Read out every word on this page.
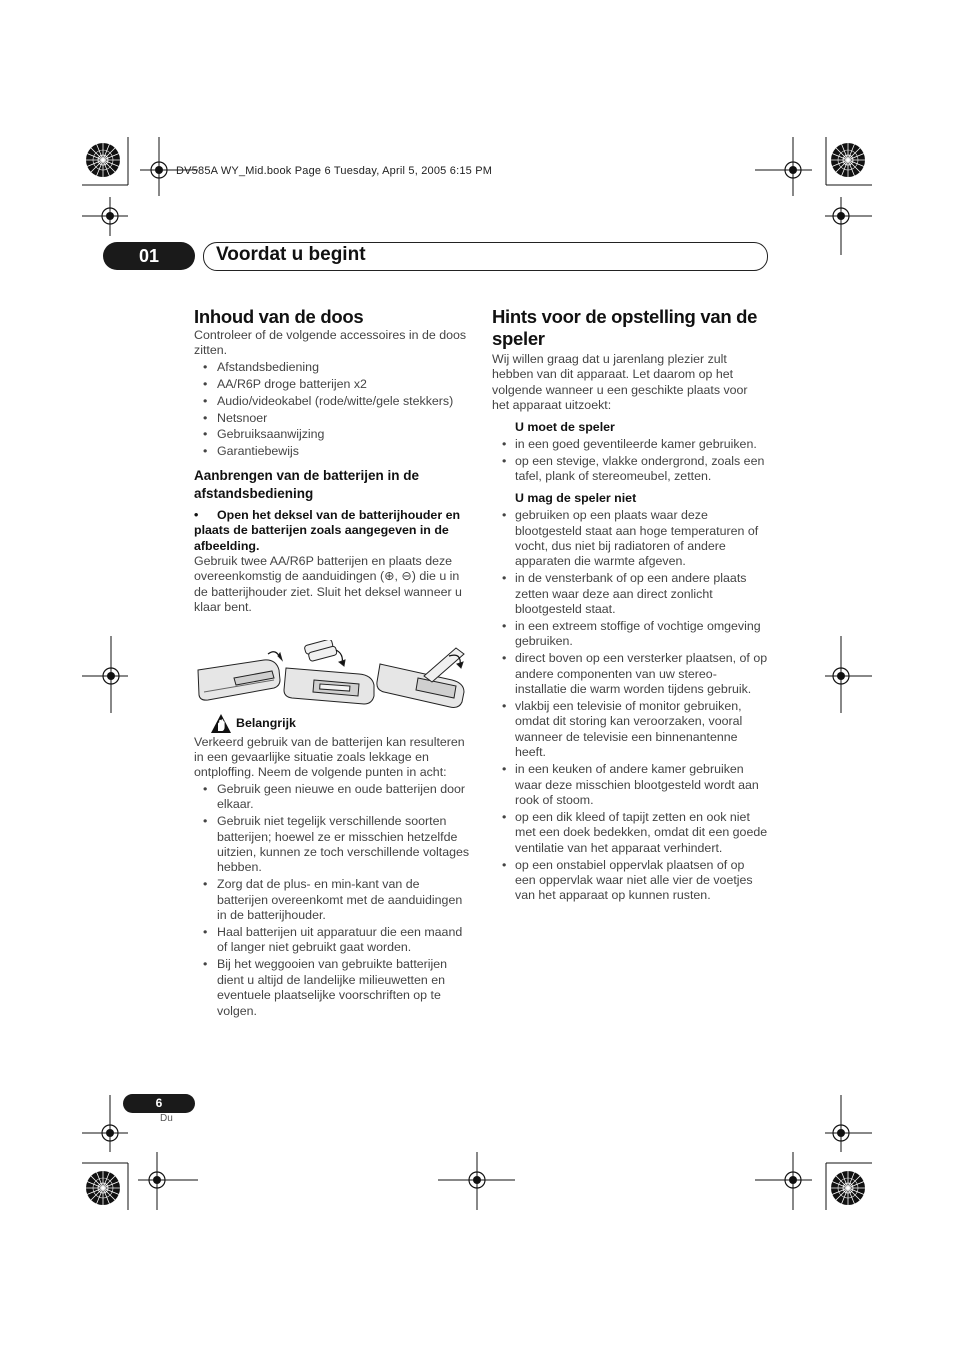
DV585A WY_Mid.book Page 6 Tuesday, April 5, 2005 6:15 PM
01	Voordat u begint
Inhoud van de doos

Controleer of de volgende accessoires in de doos zitten.

• Afstandsbediening
• AA/R6P droge batterijen x2
• Audio/videokabel (rode/witte/gele stekkers)
• Netsnoer
• Gebruiksaanwijzing
• Garantiebewijs
Aanbrengen van de batterijen in de afstandsbediening

• Open het deksel van de batterijhouder en plaats de batterijen zoals aangegeven in de afbeelding.

Gebruik twee AA/R6P batterijen en plaats deze overeenkomstig de aanduidingen (⊕, ⊖) die u in de batterijhouder ziet. Sluit het deksel wanneer u klaar bent.

Belangrijk

Verkeerd gebruik van de batterijen kan resulteren in een gevaarlijke situatie zoals lekkage en ontploffing. Neem de volgende punten in acht:

• Gebruik geen nieuwe en oude batterijen door elkaar.
• Gebruik niet tegelijk verschillende soorten batterijen; hoewel ze er misschien hetzelfde uitzien, kunnen ze toch verschillende voltages hebben.
• Zorg dat de plus- en min-kant van de batterijen overeenkomt met de aanduidingen in de batterijhouder.
• Haal batterijen uit apparatuur die een maand of langer niet gebruikt gaat worden.
• Bij het weggooien van gebruikte batterijen dient u altijd de landelijke milieuwetten en eventuele plaatselijke voorschriften op te volgen.
Hints voor de opstelling van de speler

Wij willen graag dat u jarenlang plezier zult hebben van dit apparaat. Let daarom op het volgende wanneer u een geschikte plaats voor het apparaat uitzoekt:

U moet de speler
• in een goed geventileerde kamer gebruiken.
• op een stevige, vlakke ondergrond, zoals een tafel, plank of stereomeubel, zetten.
U mag de speler niet
• gebruiken op een plaats waar deze blootgesteld staat aan hoge temperaturen of vocht, dus niet bij radiatoren of andere apparaten die warmte afgeven.
• in de vensterbank of op een andere plaats zetten waar deze aan direct zonlicht blootgesteld staat.
• in een extreem stoffige of vochtige omgeving gebruiken.
• direct boven op een versterker plaatsen, of op andere componenten van uw stereo-installatie die warm worden tijdens gebruik.
• vlakbij een televisie of monitor gebruiken, omdat dit storing kan veroorzaken, vooral wanneer de televisie een binnenantenne heeft.
• in een keuken of andere kamer gebruiken waar deze misschien blootgesteld wordt aan rook of stoom.
• op een dik kleed of tapijt zetten en ook niet met een doek bedekken, omdat dit een goede ventilatie van het apparaat verhindert.
• op een onstabiel oppervlak plaatsen of op een oppervlak waar niet alle vier de voetjes van het apparaat op kunnen rusten.
6
Du
